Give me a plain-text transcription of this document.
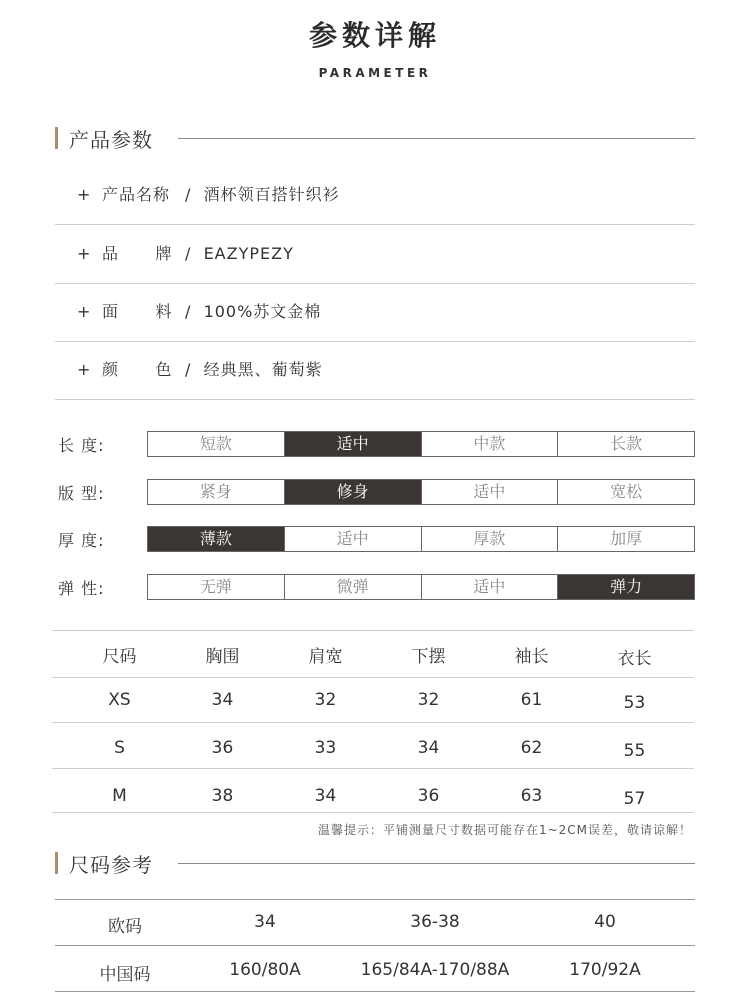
参数详解
PARAMETER
产品参数
+ 产品名称 /  酒杯领百搭针织衫
+ 品      牌 /  EAZYPEZY
+ 面      料 /  100%苏文金棉
+ 颜      色 /  经典黑、葡萄紫
长 度:	短款	适中	中款	长款
版 型:	紧身	修身	适中	宽松
厚 度:	薄款	适中	厚款	加厚
弹 性:	无弹	微弹	适中	弹力
尺码	胸围	肩宽	下摆	袖长	衣长
XS	34	32	32	61	53
S	36	33	34	62	55
M	38	34	36	63	57
温馨提示：平铺测量尺寸数据可能存在1~2CM误差，敬请谅解！
尺码参考
欧码	34	36-38	40
中国码	160/80A	165/84A-170/88A	170/92A
